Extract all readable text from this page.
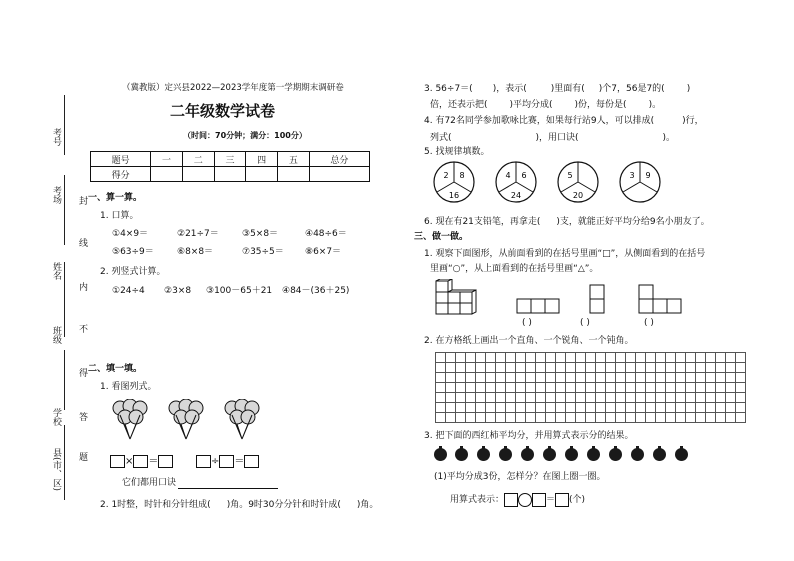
考号
考场
姓名
班级
学校
县(市、区)
封
线
内
不
得
答
题
（冀教版）定兴县2022—2023学年度第一学期期末调研卷
二年级数学试卷
（时间：70分钟；满分：100分）
题号	一	二	三	四	五	总分
得分						
一、算一算。
1. 口算。
①4×9＝	②21÷7＝	③5×8＝	④48÷6＝
⑤63÷9＝	⑥8×8＝	⑦35÷5＝ ⑧6×7＝
2. 列竖式计算。
①24÷4 ②3×8 ③100－65＋21 ④84－(36＋25)
二、填一填。
1. 看图列式。
× ＝	÷ ＝
它们都用口诀
2. 1时整，时针和分针组成( )角。9时30分分针和时针成( )角。
3. 56÷7＝( )，表示(	)里面有( )个7，56是7的( )
倍，还表示把( )平均分成( )份，每份是( )。
4. 有72名同学参加歌咏比赛，如果每行站9人，可以排成(	)行，
列式(	)，用口诀(	)。
5. 找规律填数。
2 8
16
4 6
24
5
20
3 9
6. 现在有21支铅笔，再拿走( )支，就能正好平均分给9名小朋友了。
三、做一做。
1. 观察下面图形，从前面看到的在括号里画“□”，从侧面看到的在括号
里画“○”，从上面看到的在括号里画“△”。
( )	( )	( )
2. 在方格纸上画出一个直角、一个锐角、一个钝角。
3. 把下面的西红柿平均分，并用算式表示分的结果。
(1)平均分成3份，怎样分？在图上圈一圈。
用算式表示：	＝ (个)
